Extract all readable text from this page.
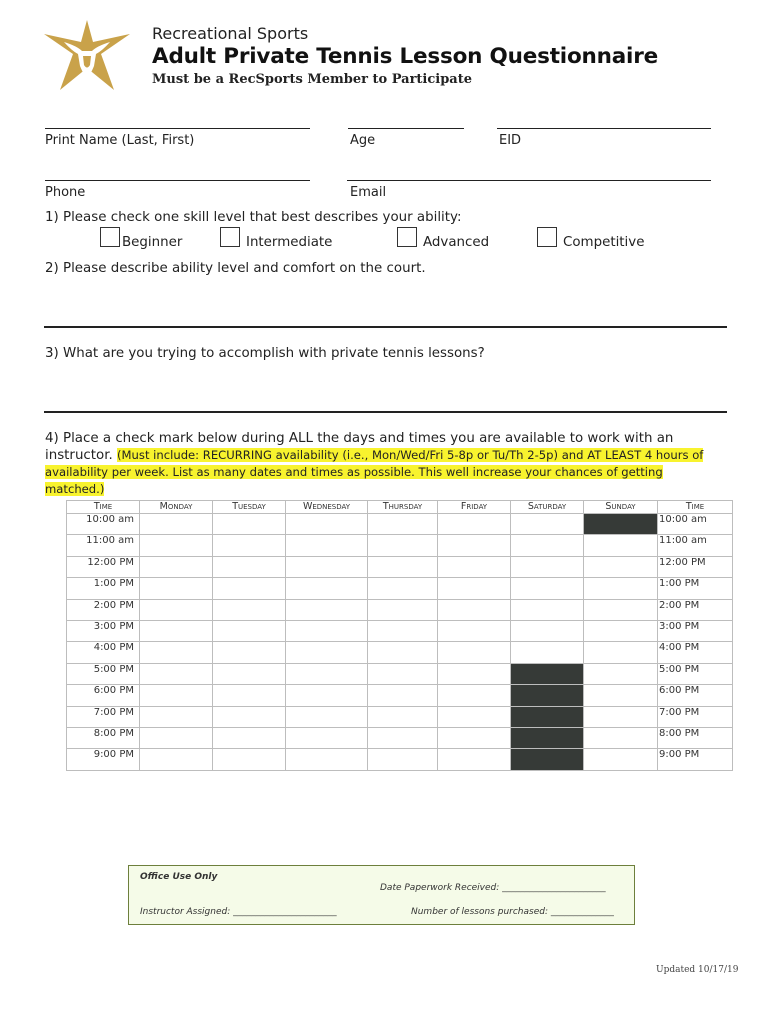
Recreational Sports
Adult Private Tennis Lesson Questionnaire
Must be a RecSports Member to Participate
Print Name (Last, First)	Age	EID
Phone	Email
1) Please check one skill level that best describes your ability:
Beginner	Intermediate	Advanced	Competitive
2) Please describe ability level and comfort on the court.
3) What are you trying to accomplish with private tennis lessons?
4) Place a check mark below during ALL the days and times you are available to work with an instructor. (Must include: RECURRING availability (i.e., Mon/Wed/Fri 5-8p or Tu/Th 2-5p) and AT LEAST 4 hours of availability per week. List as many dates and times as possible. This well increase your chances of getting matched.)
Time	Monday	Tuesday	Wednesday	Thursday	Friday	Saturday	Sunday	Time
10:00 am								10:00 am
11:00 am								11:00 am
12:00 PM								12:00 PM
1:00 PM								1:00 PM
2:00 PM								2:00 PM
3:00 PM								3:00 PM
4:00 PM								4:00 PM
5:00 PM								5:00 PM
6:00 PM								6:00 PM
7:00 PM								7:00 PM
8:00 PM								8:00 PM
9:00 PM								9:00 PM
Office Use Only
Date Paperwork Received: _______________________
Instructor Assigned: _______________________	Number of lessons purchased: ______________
Updated 10/17/19
